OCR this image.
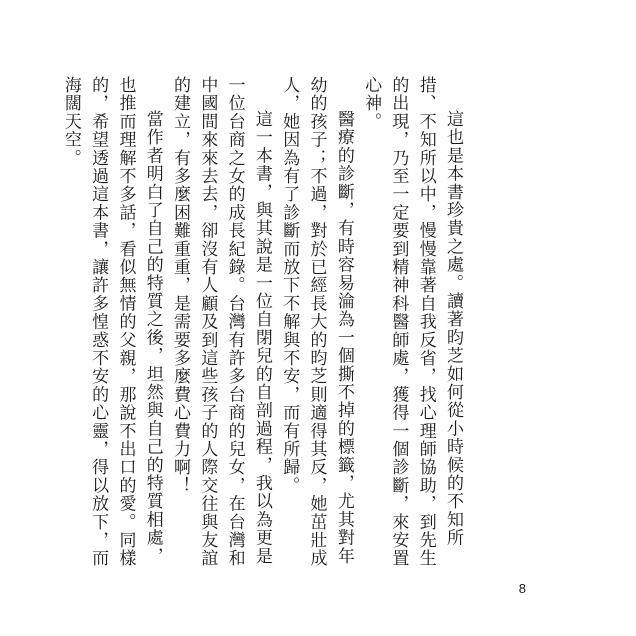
這也是本書珍貴之處。讀著昀芝如何從小時候的不知所措、不知所以中，慢慢靠著自我反省，找心理師協助，到先生的出現，乃至一定要到精神科醫師處，獲得一個診斷，來安置心神。

醫療的診斷，有時容易淪為一個撕不掉的標籤，尤其對年幼的孩子；不過，對於已經長大的昀芝則適得其反，她茁壯成人，她因為有了診斷而放下不解與不安，而有所歸。

這一本書，與其說是一位自閉兒的自剖過程，我以為更是一位台商之女的成長紀錄。台灣有許多台商的兒女，在台灣和中國間來來去去，卻沒有人顧及到這些孩子的人際交往與友誼的建立，有多麼困難重重，是需要多麼費心費力啊！

當作者明白了自己的特質之後，坦然與自己的特質相處，也推而理解不多話，看似無情的父親，那說不出口的愛。同樣的，希望透過這本書，讓許多惶惑不安的心靈，得以放下，而海闊天空。

8
